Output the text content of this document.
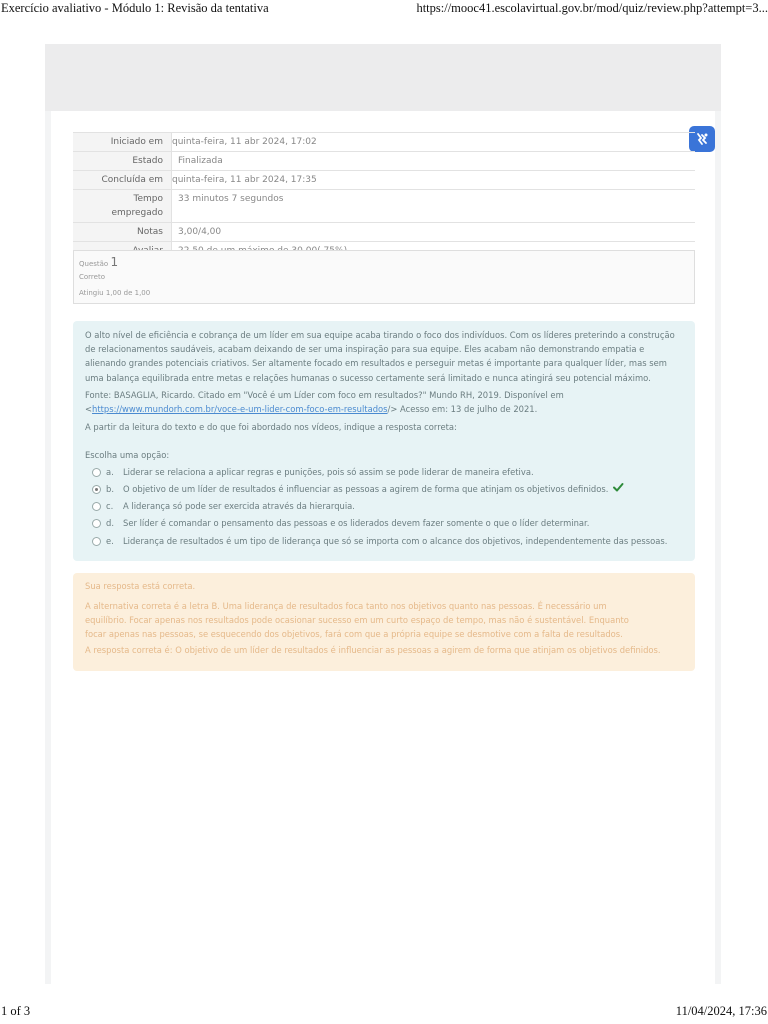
Exercício avaliativo - Módulo 1: Revisão da tentativa	https://mooc41.escolavirtual.gov.br/mod/quiz/review.php?attempt=3...
Iniciado em	quinta-feira, 11 abr 2024, 17:02
Estado	Finalizada
Concluída em	quinta-feira, 11 abr 2024, 17:35
Tempo
empregado	33 minutos 7 segundos
Notas	3,00/4,00

Questão 1
Correto
Atingiu 1,00 de 1,00
O alto nível de eficiência e cobrança de um líder em sua equipe acaba tirando o foco dos indivíduos. Com os líderes preterindo a construção de relacionamentos saudáveis, acabam deixando de ser uma inspiração para sua equipe. Eles acabam não demonstrando empatia e alienando grandes potenciais criativos. Ser altamente focado em resultados e perseguir metas é importante para qualquer líder, mas sem uma balança equilibrada entre metas e relações humanas o sucesso certamente será limitado e nunca atingirá seu potencial máximo.
Fonte: BASAGLIA, Ricardo. Citado em "Você é um Líder com foco em resultados?" Mundo RH, 2019. Disponível em <https://www.mundorh.com.br/voce-e-um-lider-com-foco-em-resultados/> Acesso em: 13 de julho de 2021.
A partir da leitura do texto e do que foi abordado nos vídeos, indique a resposta correta:
Escolha uma opção:
a. Liderar se relaciona a aplicar regras e punições, pois só assim se pode liderar de maneira efetiva.
b. O objetivo de um líder de resultados é influenciar as pessoas a agirem de forma que atinjam os objetivos definidos.
c. A liderança só pode ser exercida através da hierarquia.
d. Ser líder é comandar o pensamento das pessoas e os liderados devem fazer somente o que o líder determinar.
e. Liderança de resultados é um tipo de liderança que só se importa com o alcance dos objetivos, independentemente das pessoas.
Sua resposta está correta.
A alternativa correta é a letra B. Uma liderança de resultados foca tanto nos objetivos quanto nas pessoas. É necessário um equilíbrio. Focar apenas nos resultados pode ocasionar sucesso em um curto espaço de tempo, mas não é sustentável. Enquanto focar apenas nas pessoas, se esquecendo dos objetivos, fará com que a própria equipe se desmotive com a falta de resultados.
A resposta correta é: O objetivo de um líder de resultados é influenciar as pessoas a agirem de forma que atinjam os objetivos definidos.
1 of 3	11/04/2024, 17:36
